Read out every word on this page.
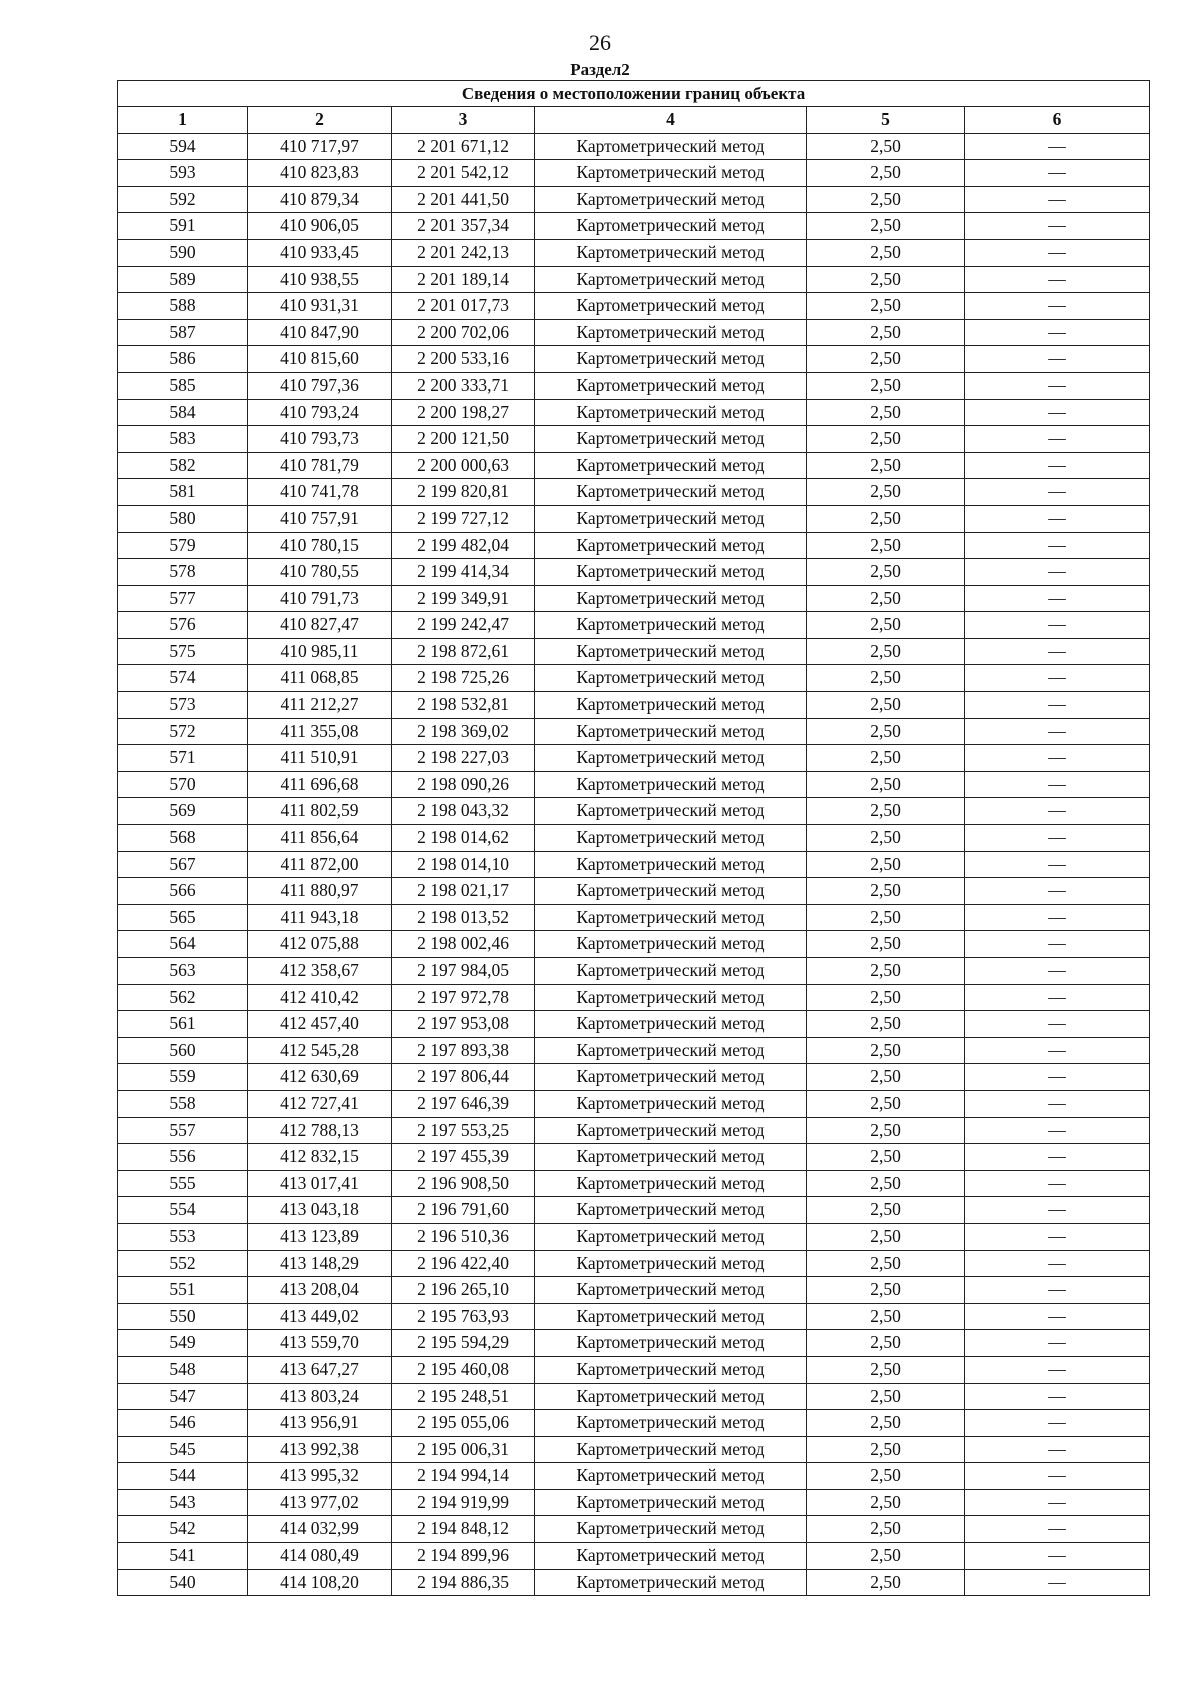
26
Раздел2
Сведения о местоположении границ объекта					
1	2	3	4	5	6
594	410 717,97	2 201 671,12	Картометрический метод	2,50	—
593	410 823,83	2 201 542,12	Картометрический метод	2,50	—
592	410 879,34	2 201 441,50	Картометрический метод	2,50	—
591	410 906,05	2 201 357,34	Картометрический метод	2,50	—
590	410 933,45	2 201 242,13	Картометрический метод	2,50	—
589	410 938,55	2 201 189,14	Картометрический метод	2,50	—
588	410 931,31	2 201 017,73	Картометрический метод	2,50	—
587	410 847,90	2 200 702,06	Картометрический метод	2,50	—
586	410 815,60	2 200 533,16	Картометрический метод	2,50	—
585	410 797,36	2 200 333,71	Картометрический метод	2,50	—
584	410 793,24	2 200 198,27	Картометрический метод	2,50	—
583	410 793,73	2 200 121,50	Картометрический метод	2,50	—
582	410 781,79	2 200 000,63	Картометрический метод	2,50	—
581	410 741,78	2 199 820,81	Картометрический метод	2,50	—
580	410 757,91	2 199 727,12	Картометрический метод	2,50	—
579	410 780,15	2 199 482,04	Картометрический метод	2,50	—
578	410 780,55	2 199 414,34	Картометрический метод	2,50	—
577	410 791,73	2 199 349,91	Картометрический метод	2,50	—
576	410 827,47	2 199 242,47	Картометрический метод	2,50	—
575	410 985,11	2 198 872,61	Картометрический метод	2,50	—
574	411 068,85	2 198 725,26	Картометрический метод	2,50	—
573	411 212,27	2 198 532,81	Картометрический метод	2,50	—
572	411 355,08	2 198 369,02	Картометрический метод	2,50	—
571	411 510,91	2 198 227,03	Картометрический метод	2,50	—
570	411 696,68	2 198 090,26	Картометрический метод	2,50	—
569	411 802,59	2 198 043,32	Картометрический метод	2,50	—
568	411 856,64	2 198 014,62	Картометрический метод	2,50	—
567	411 872,00	2 198 014,10	Картометрический метод	2,50	—
566	411 880,97	2 198 021,17	Картометрический метод	2,50	—
565	411 943,18	2 198 013,52	Картометрический метод	2,50	—
564	412 075,88	2 198 002,46	Картометрический метод	2,50	—
563	412 358,67	2 197 984,05	Картометрический метод	2,50	—
562	412 410,42	2 197 972,78	Картометрический метод	2,50	—
561	412 457,40	2 197 953,08	Картометрический метод	2,50	—
560	412 545,28	2 197 893,38	Картометрический метод	2,50	—
559	412 630,69	2 197 806,44	Картометрический метод	2,50	—
558	412 727,41	2 197 646,39	Картометрический метод	2,50	—
557	412 788,13	2 197 553,25	Картометрический метод	2,50	—
556	412 832,15	2 197 455,39	Картометрический метод	2,50	—
555	413 017,41	2 196 908,50	Картометрический метод	2,50	—
554	413 043,18	2 196 791,60	Картометрический метод	2,50	—
553	413 123,89	2 196 510,36	Картометрический метод	2,50	—
552	413 148,29	2 196 422,40	Картометрический метод	2,50	—
551	413 208,04	2 196 265,10	Картометрический метод	2,50	—
550	413 449,02	2 195 763,93	Картометрический метод	2,50	—
549	413 559,70	2 195 594,29	Картометрический метод	2,50	—
548	413 647,27	2 195 460,08	Картометрический метод	2,50	—
547	413 803,24	2 195 248,51	Картометрический метод	2,50	—
546	413 956,91	2 195 055,06	Картометрический метод	2,50	—
545	413 992,38	2 195 006,31	Картометрический метод	2,50	—
544	413 995,32	2 194 994,14	Картометрический метод	2,50	—
543	413 977,02	2 194 919,99	Картометрический метод	2,50	—
542	414 032,99	2 194 848,12	Картометрический метод	2,50	—
541	414 080,49	2 194 899,96	Картометрический метод	2,50	—
540	414 108,20	2 194 886,35	Картометрический метод	2,50	—
